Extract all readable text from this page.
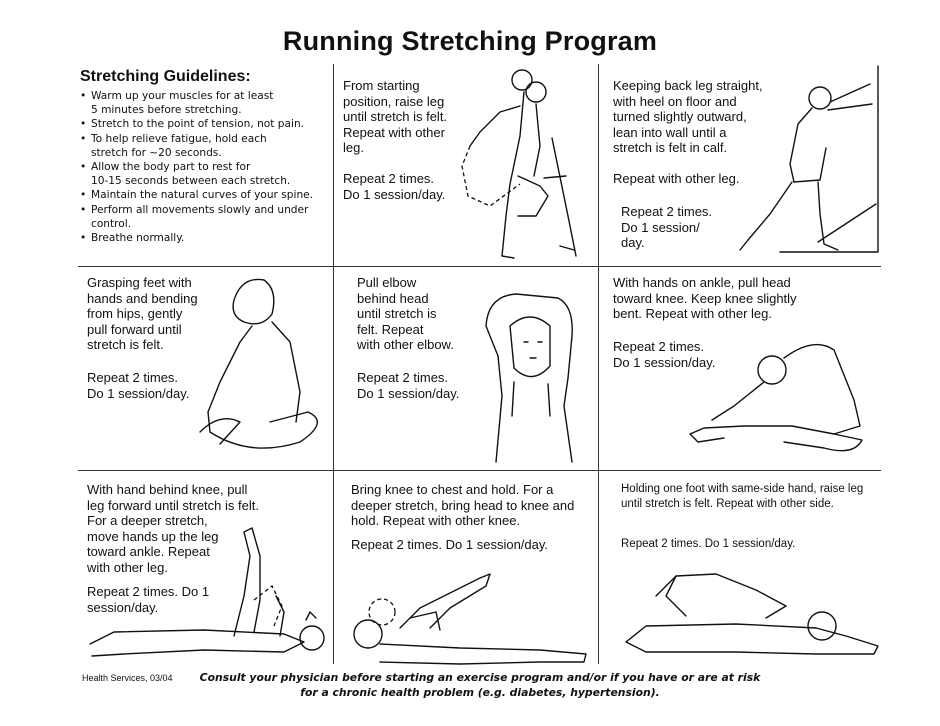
Running Stretching Program
Stretching Guidelines:
• Warm up your muscles for at least
5 minutes before stretching.
• Stretch to the point of tension, not pain.
• To help relieve fatigue, hold each
stretch for ~20 seconds.
• Allow the body part to rest for
10-15 seconds between each stretch.
• Maintain the natural curves of your spine.
• Perform all movements slowly and under
control.
• Breathe normally.
From starting
position, raise leg
until stretch is felt.
Repeat with other
leg.
Repeat 2 times.
Do 1 session/day.
Keeping back leg straight,
with heel on floor and
turned slightly outward,
lean into wall until a
stretch is felt in calf.
Repeat with other leg.
Repeat 2 times.
Do 1 session/
day.
Grasping feet with
hands and bending
from hips, gently
pull forward until
stretch is felt.
Repeat 2 times.
Do 1 session/day.
Pull elbow
behind head
until stretch is
felt. Repeat
with other elbow.
Repeat 2 times.
Do 1 session/day.
With hands on ankle, pull head
toward knee. Keep knee slightly
bent. Repeat with other leg.
Repeat 2 times.
Do 1 session/day.
With hand behind knee, pull
leg forward until stretch is felt.
For a deeper stretch,
move hands up the leg
toward ankle. Repeat
with other leg.
Repeat 2 times. Do 1
session/day.
Bring knee to chest and hold. For a
deeper stretch, bring head to knee and
hold. Repeat with other knee.
Repeat 2 times. Do 1 session/day.
Holding one foot with same-side hand, raise leg
until stretch is felt. Repeat with other side.
Repeat 2 times. Do 1 session/day.
Health Services, 03/04	Consult your physician before starting an exercise program and/or if you have or are at risk
for a chronic health problem (e.g. diabetes, hypertension).
